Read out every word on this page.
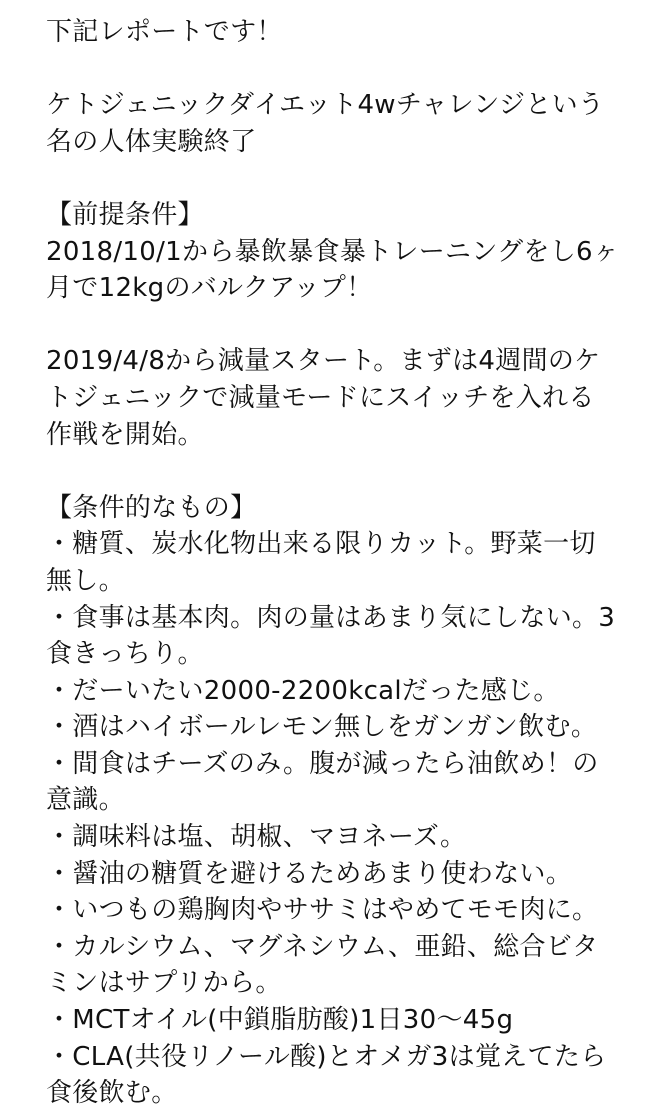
下記レポートです！
ケトジェニックダイエット4wチャレンジという
名の人体実験終了
【前提条件】
2018/10/1から暴飲暴食暴トレーニングをし6ヶ
月で12kgのバルクアップ！
2019/4/8から減量スタート。まずは4週間のケ
トジェニックで減量モードにスイッチを入れる
作戦を開始。
【条件的なもの】
・糖質、炭水化物出来る限りカット。野菜一切
無し。
・食事は基本肉。肉の量はあまり気にしない。3
食きっちり。
・だーいたい2000-2200kcalだった感じ。
・酒はハイボールレモン無しをガンガン飲む。
・間食はチーズのみ。腹が減ったら油飲め！の
意識。
・調味料は塩、胡椒、マヨネーズ。
・醤油の糖質を避けるためあまり使わない。
・いつもの鶏胸肉やササミはやめてモモ肉に。
・カルシウム、マグネシウム、亜鉛、総合ビタ
ミンはサプリから。
・MCTオイル(中鎖脂肪酸)1日30〜45g
・CLA(共役リノール酸)とオメガ3は覚えてたら
食後飲む。
